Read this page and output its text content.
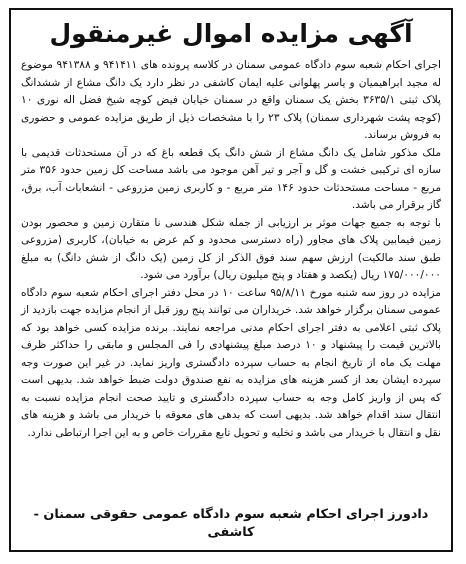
آگهی مزایده اموال غیرمنقول

اجرای احکام شعبه سوم دادگاه عمومی سمنان در کلاسه پرونده های ۹۴۱۴۱۱ و ۹۴۱۳۸۸ موضوع له مجید ابراهیمیان و یاسر پهلوانی علیه ایمان کاشفی در نظر دارد یک دانگ مشاع از ششدانگ پلاک ثبتی ۳۶۳۵/۱ بخش یک سمنان واقع در سمنان خیابان فیض کوچه شیخ فضل اله نوری ۱۰ (کوچه پشت شهرداری سمنان) پلاک ۲۳ را با مشخصات ذیل از طریق مزایده عمومی و حضوری به فروش برساند.

ملک مذکور شامل یک دانگ مشاع از شش دانگ یک قطعه باغ که در آن مستحدثات قدیمی با سازه ای ترکیبی خشت و گل و آجر و تیر آهن موجود می باشد مساحت کل زمین حدود ۳۵۶ متر مربع - مساحت مستحدثات حدود ۱۴۶ متر مربع - و کاربری زمین مزروعی - انشعابات آب، برق، گاز برقرار می باشد.

با توجه به جمیع جهات موثر بر ارزیابی از جمله شکل هندسی نا متقارن زمین و محصور بودن زمین فیمابین پلاک های مجاور (راه دسترسی محدود و کم عرض به خیابان)، کاربری (مزروعی طبق سند مالکیت) ارزش سهم سند فوق الذکر از کل زمین (یک دانگ از شش دانگ) به مبلغ ۱۷۵/۰۰۰/۰۰۰ ریال (یکصد و هفتاد و پنج میلیون ریال) برآورد می شود.

مزایده در روز سه شنبه مورخ ۹۵/۸/۱۱ ساعت ۱۰ در محل دفتر اجرای احکام شعبه سوم دادگاه عمومی سمنان برگزار خواهد شد. خریداران می توانند پنج روز قبل از انجام مزایده جهت بازدید از پلاک ثبتی اعلامی به دفتر اجرای احکام مدنی مراجعه نمایند. برنده مزایده کسی خواهد بود که بالاترین قیمت را پیشنهاد و ۱۰ درصد مبلغ پیشنهادی را فی المجلس و مابقی را حداکثر ظرف مهلت یک ماه از تاریخ انجام به حساب سپرده دادگستری واریز نماید. در غیر این صورت وجه سپرده ایشان بعد از کسر هزینه های مزایده به نفع صندوق دولت ضبط خواهد شد. بدیهی است که پس از واریز کامل وجه به حساب سپرده دادگستری و تایید صحت انجام مزایده نسبت به انتقال سند اقدام خواهد شد. بدیهی است که بدهی های معوقه با خریدار می باشد و هزینه های نقل و انتقال با خریدار می باشد و تخلیه و تحویل تابع مقررات خاص و به این اجرا ارتباطی ندارد.

دادورز اجرای احکام شعبه سوم دادگاه عمومی حقوقی سمنان - کاشفی
